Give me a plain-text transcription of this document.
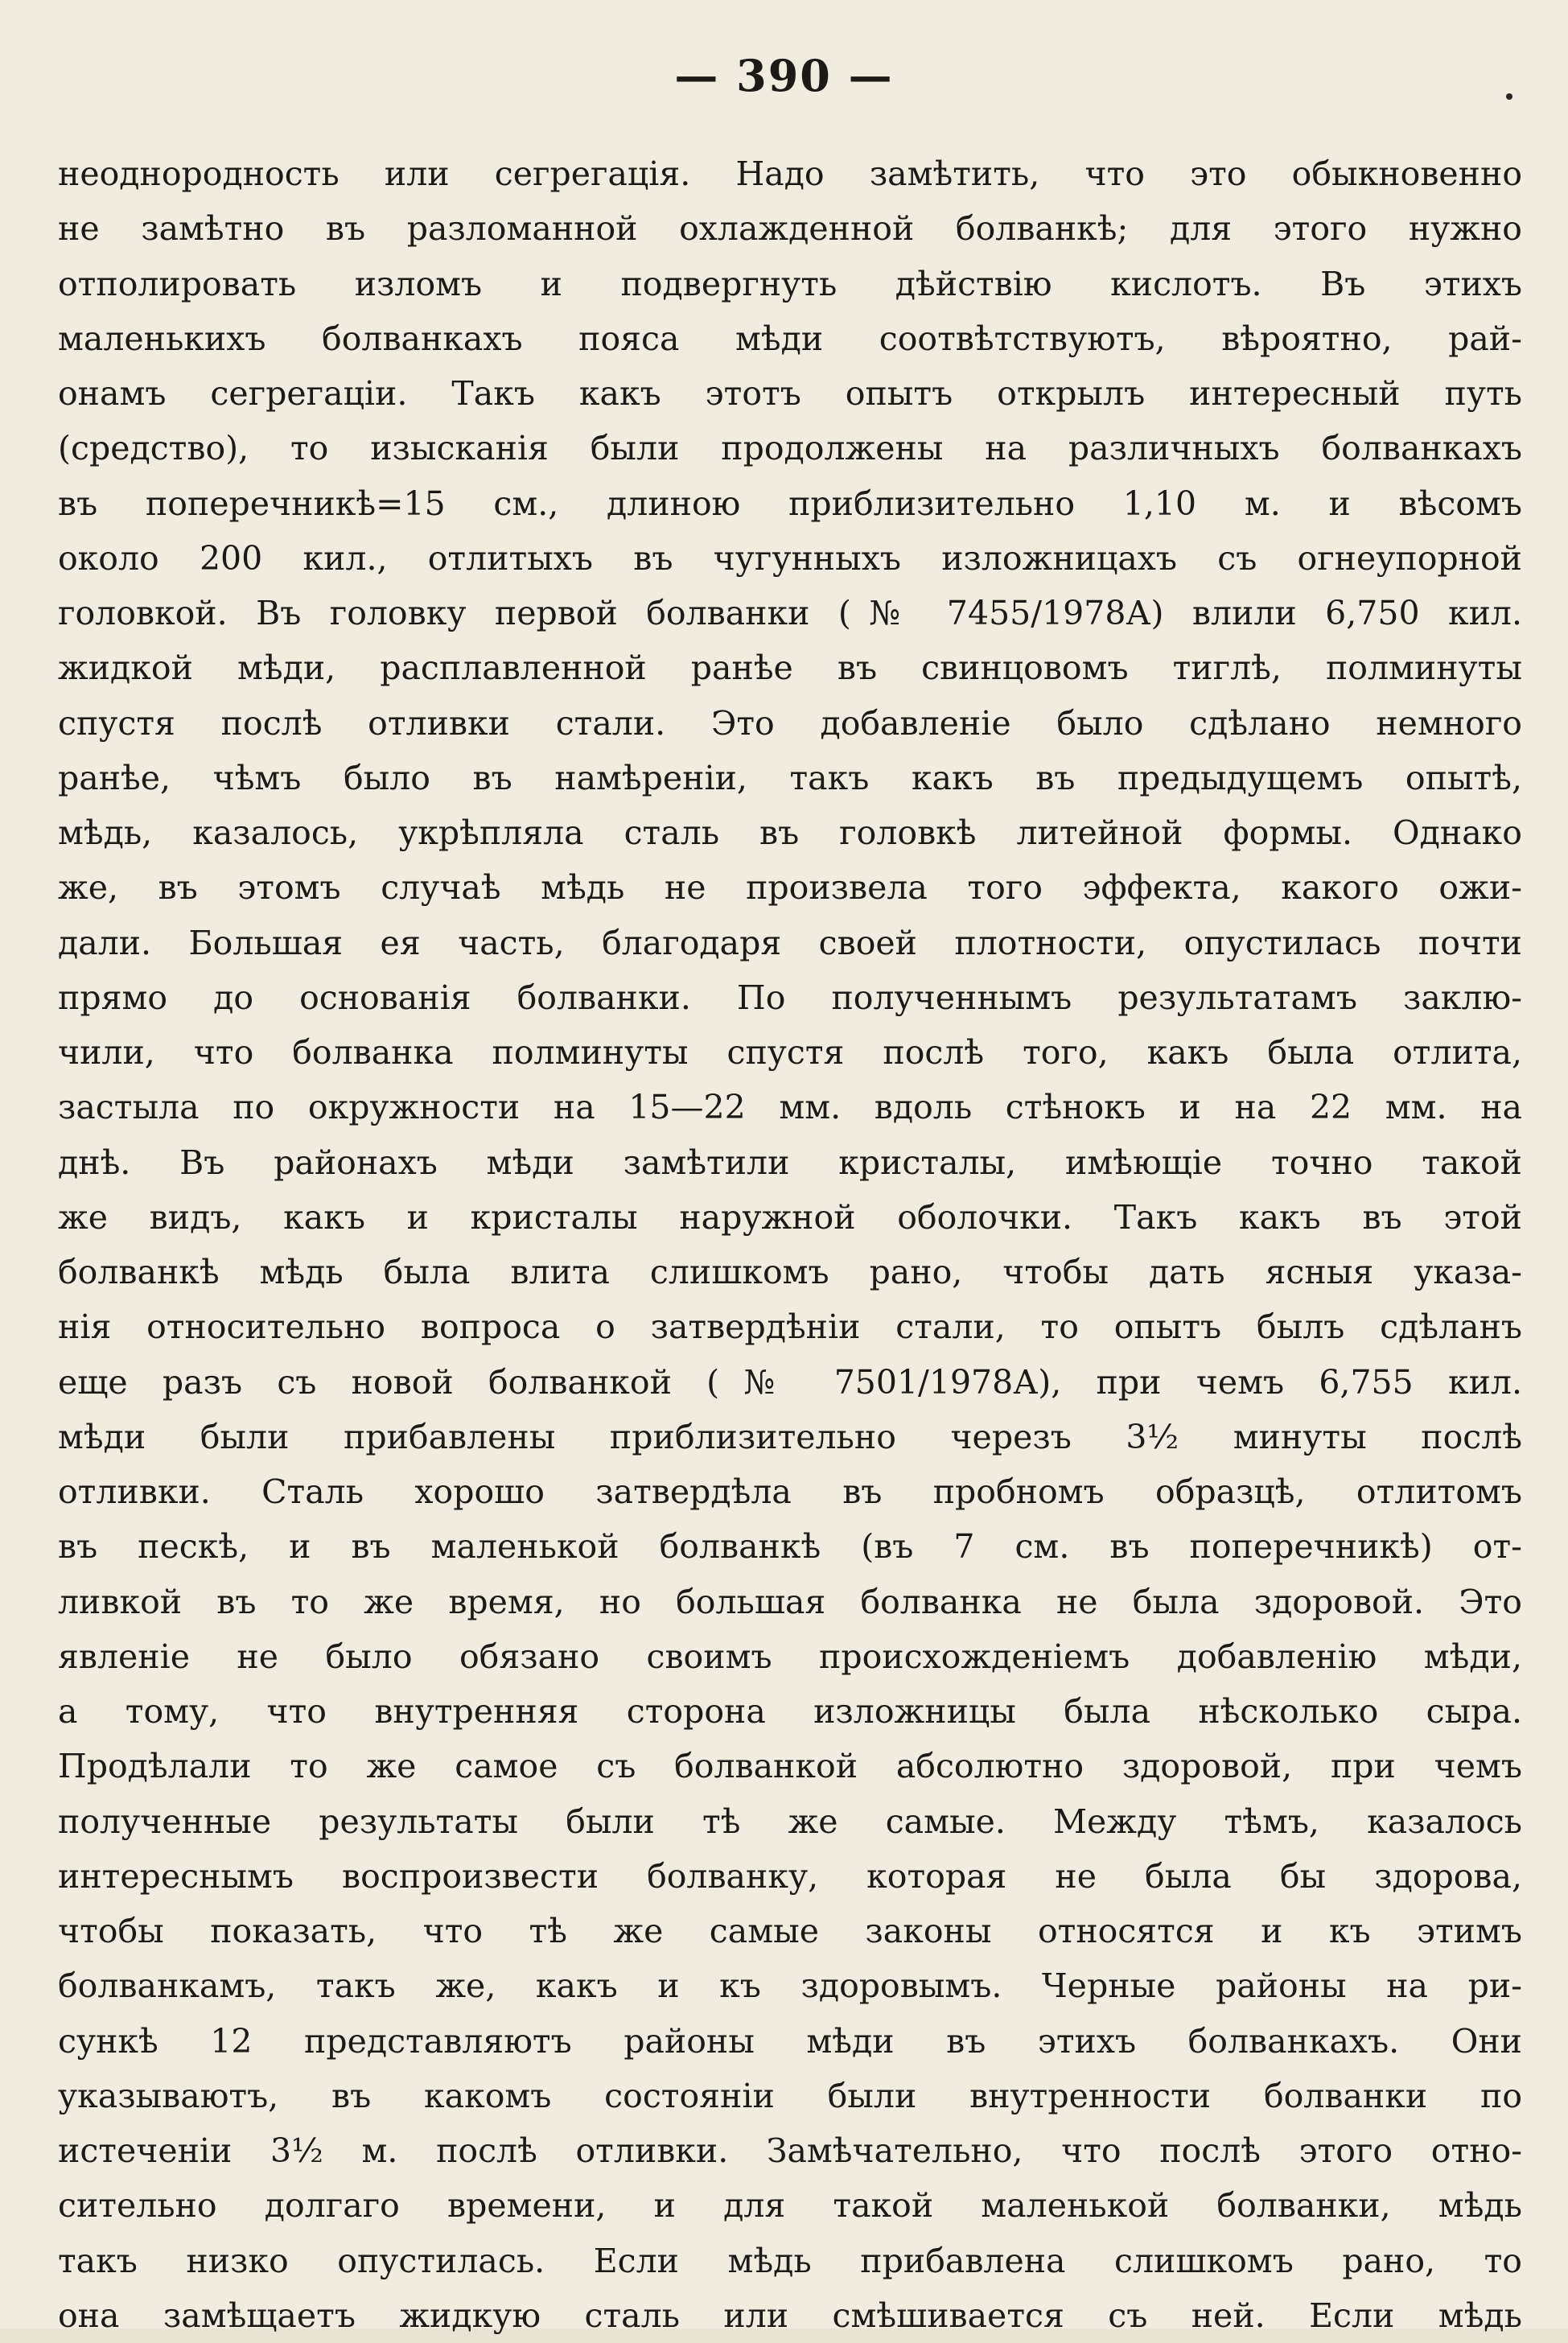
— 390 —
неоднородность или сегрегація. Надо замѣтить, что это обыкновенно
не замѣтно въ разломанной охлажденной болванкѣ; для этого нужно
отполировать изломъ и подвергнуть дѣйствію кислотъ. Въ этихъ
маленькихъ болванкахъ пояса мѣди соотвѣтствуютъ, вѣроятно, рай-
онамъ сегрегаціи. Такъ какъ этотъ опытъ открылъ интересный путь
(средство), то изысканія были продолжены на различныхъ болванкахъ
въ поперечникѣ=15 см., длиною приблизительно 1,10 м. и вѣсомъ
около 200 кил., отлитыхъ въ чугунныхъ изложницахъ съ огнеупорной
головкой. Въ головку первой болванки (№ 7455/1978А) влили 6,750 кил.
жидкой мѣди, расплавленной ранѣе въ свинцовомъ тиглѣ, полминуты
спустя послѣ отливки стали. Это добавленіе было сдѣлано немного
ранѣе, чѣмъ было въ намѣреніи, такъ какъ въ предыдущемъ опытѣ,
мѣдь, казалось, укрѣпляла сталь въ головкѣ литейной формы. Однако
же, въ этомъ случаѣ мѣдь не произвела того эффекта, какого ожи-
дали. Большая ея часть, благодаря своей плотности, опустилась почти
прямо до основанія болванки. По полученнымъ результатамъ заклю-
чили, что болванка полминуты спустя послѣ того, какъ была отлита,
застыла по окружности на 15—22 мм. вдоль стѣнокъ и на 22 мм. на
днѣ. Въ районахъ мѣди замѣтили кристалы, имѣющіе точно такой
же видъ, какъ и кристалы наружной оболочки. Такъ какъ въ этой
болванкѣ мѣдь была влита слишкомъ рано, чтобы дать ясныя указа-
нія относительно вопроса о затвердѣніи стали, то опытъ былъ сдѣланъ
еще разъ съ новой болванкой (№ 7501/1978А), при чемъ 6,755 кил.
мѣди были прибавлены приблизительно черезъ 3½ минуты послѣ
отливки. Сталь хорошо затвердѣла въ пробномъ образцѣ, отлитомъ
въ пескѣ, и въ маленькой болванкѣ (въ 7 см. въ поперечникѣ) от-
ливкой въ то же время, но большая болванка не была здоровой. Это
явленіе не было обязано своимъ происхожденіемъ добавленію мѣди,
а тому, что внутренняя сторона изложницы была нѣсколько сыра.
Продѣлали то же самое съ болванкой абсолютно здоровой, при чемъ
полученные результаты были тѣ же самые. Между тѣмъ, казалось
интереснымъ воспроизвести болванку, которая не была бы здорова,
чтобы показать, что тѣ же самые законы относятся и къ этимъ
болванкамъ, такъ же, какъ и къ здоровымъ. Черные районы на ри-
сункѣ 12 представляютъ районы мѣди въ этихъ болванкахъ. Они
указываютъ, въ какомъ состояніи были внутренности болванки по
истеченіи 3½ м. послѣ отливки. Замѣчательно, что послѣ этого отно-
сительно долгаго времени, и для такой маленькой болванки, мѣдь
такъ низко опустилась. Если мѣдь прибавлена слишкомъ рано, то
она замѣщаетъ жидкую сталь или смѣшивается съ ней. Если мѣдь
